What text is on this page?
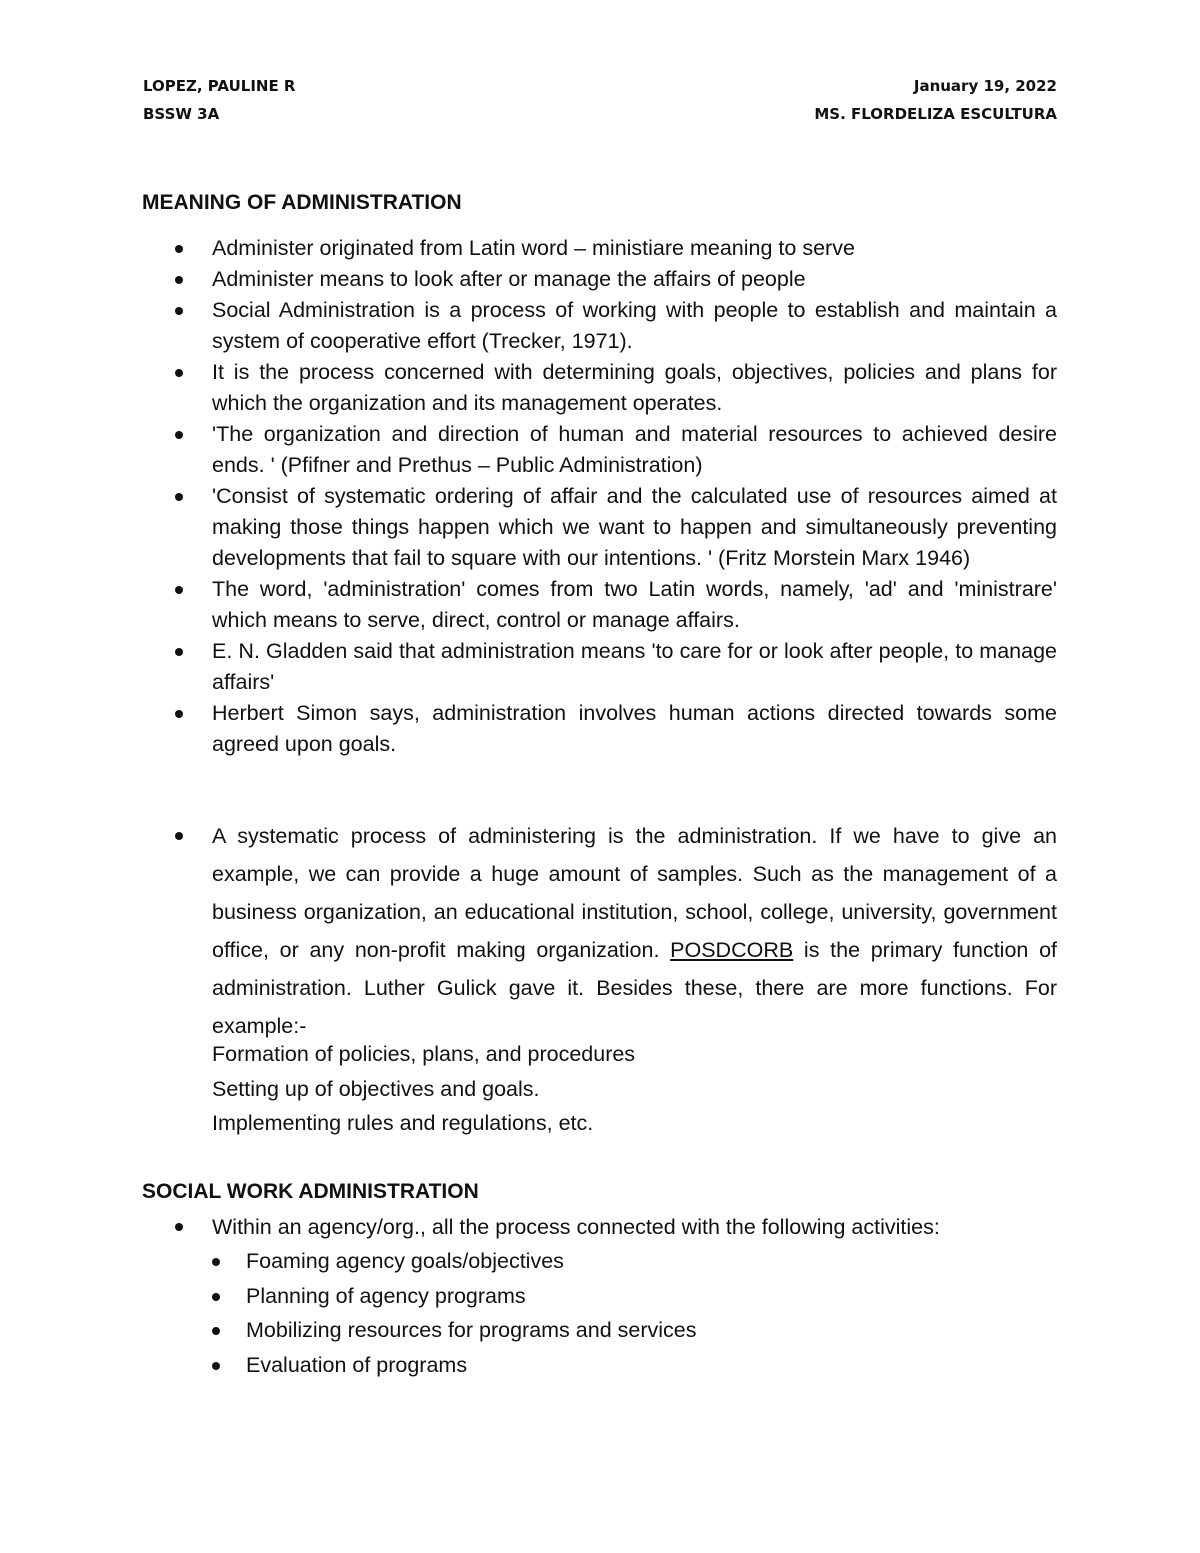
LOPEZ, PAULINE R
BSSW 3A
January 19, 2022
MS. FLORDELIZA ESCULTURA
MEANING OF ADMINISTRATION
Administer originated from Latin word – ministiare meaning to serve
Administer means to look after or manage the affairs of people
Social Administration is a process of working with people to establish and maintain a system of cooperative effort (Trecker, 1971).
It is the process concerned with determining goals, objectives, policies and plans for which the organization and its management operates.
'The organization and direction of human and material resources to achieved desire ends. ' (Pfifner and Prethus – Public Administration)
'Consist of systematic ordering of affair and the calculated use of resources aimed at making those things happen which we want to happen and simultaneously preventing developments that fail to square with our intentions. ' (Fritz Morstein Marx 1946)
The word, 'administration' comes from two Latin words, namely, 'ad' and 'ministrare' which means to serve, direct, control or manage affairs.
E. N. Gladden said that administration means 'to care for or look after people, to manage affairs'
Herbert Simon says, administration involves human actions directed towards some agreed upon goals.
A systematic process of administering is the administration. If we have to give an example, we can provide a huge amount of samples. Such as the management of a business organization, an educational institution, school, college, university, government office, or any non-profit making organization. POSDCORB is the primary function of administration. Luther Gulick gave it. Besides these, there are more functions. For example:-
Formation of policies, plans, and procedures
Setting up of objectives and goals.
Implementing rules and regulations, etc.
SOCIAL WORK ADMINISTRATION
Within an agency/org., all the process connected with the following activities:
Foaming agency goals/objectives
Planning of agency programs
Mobilizing resources for programs and services
Evaluation of programs
